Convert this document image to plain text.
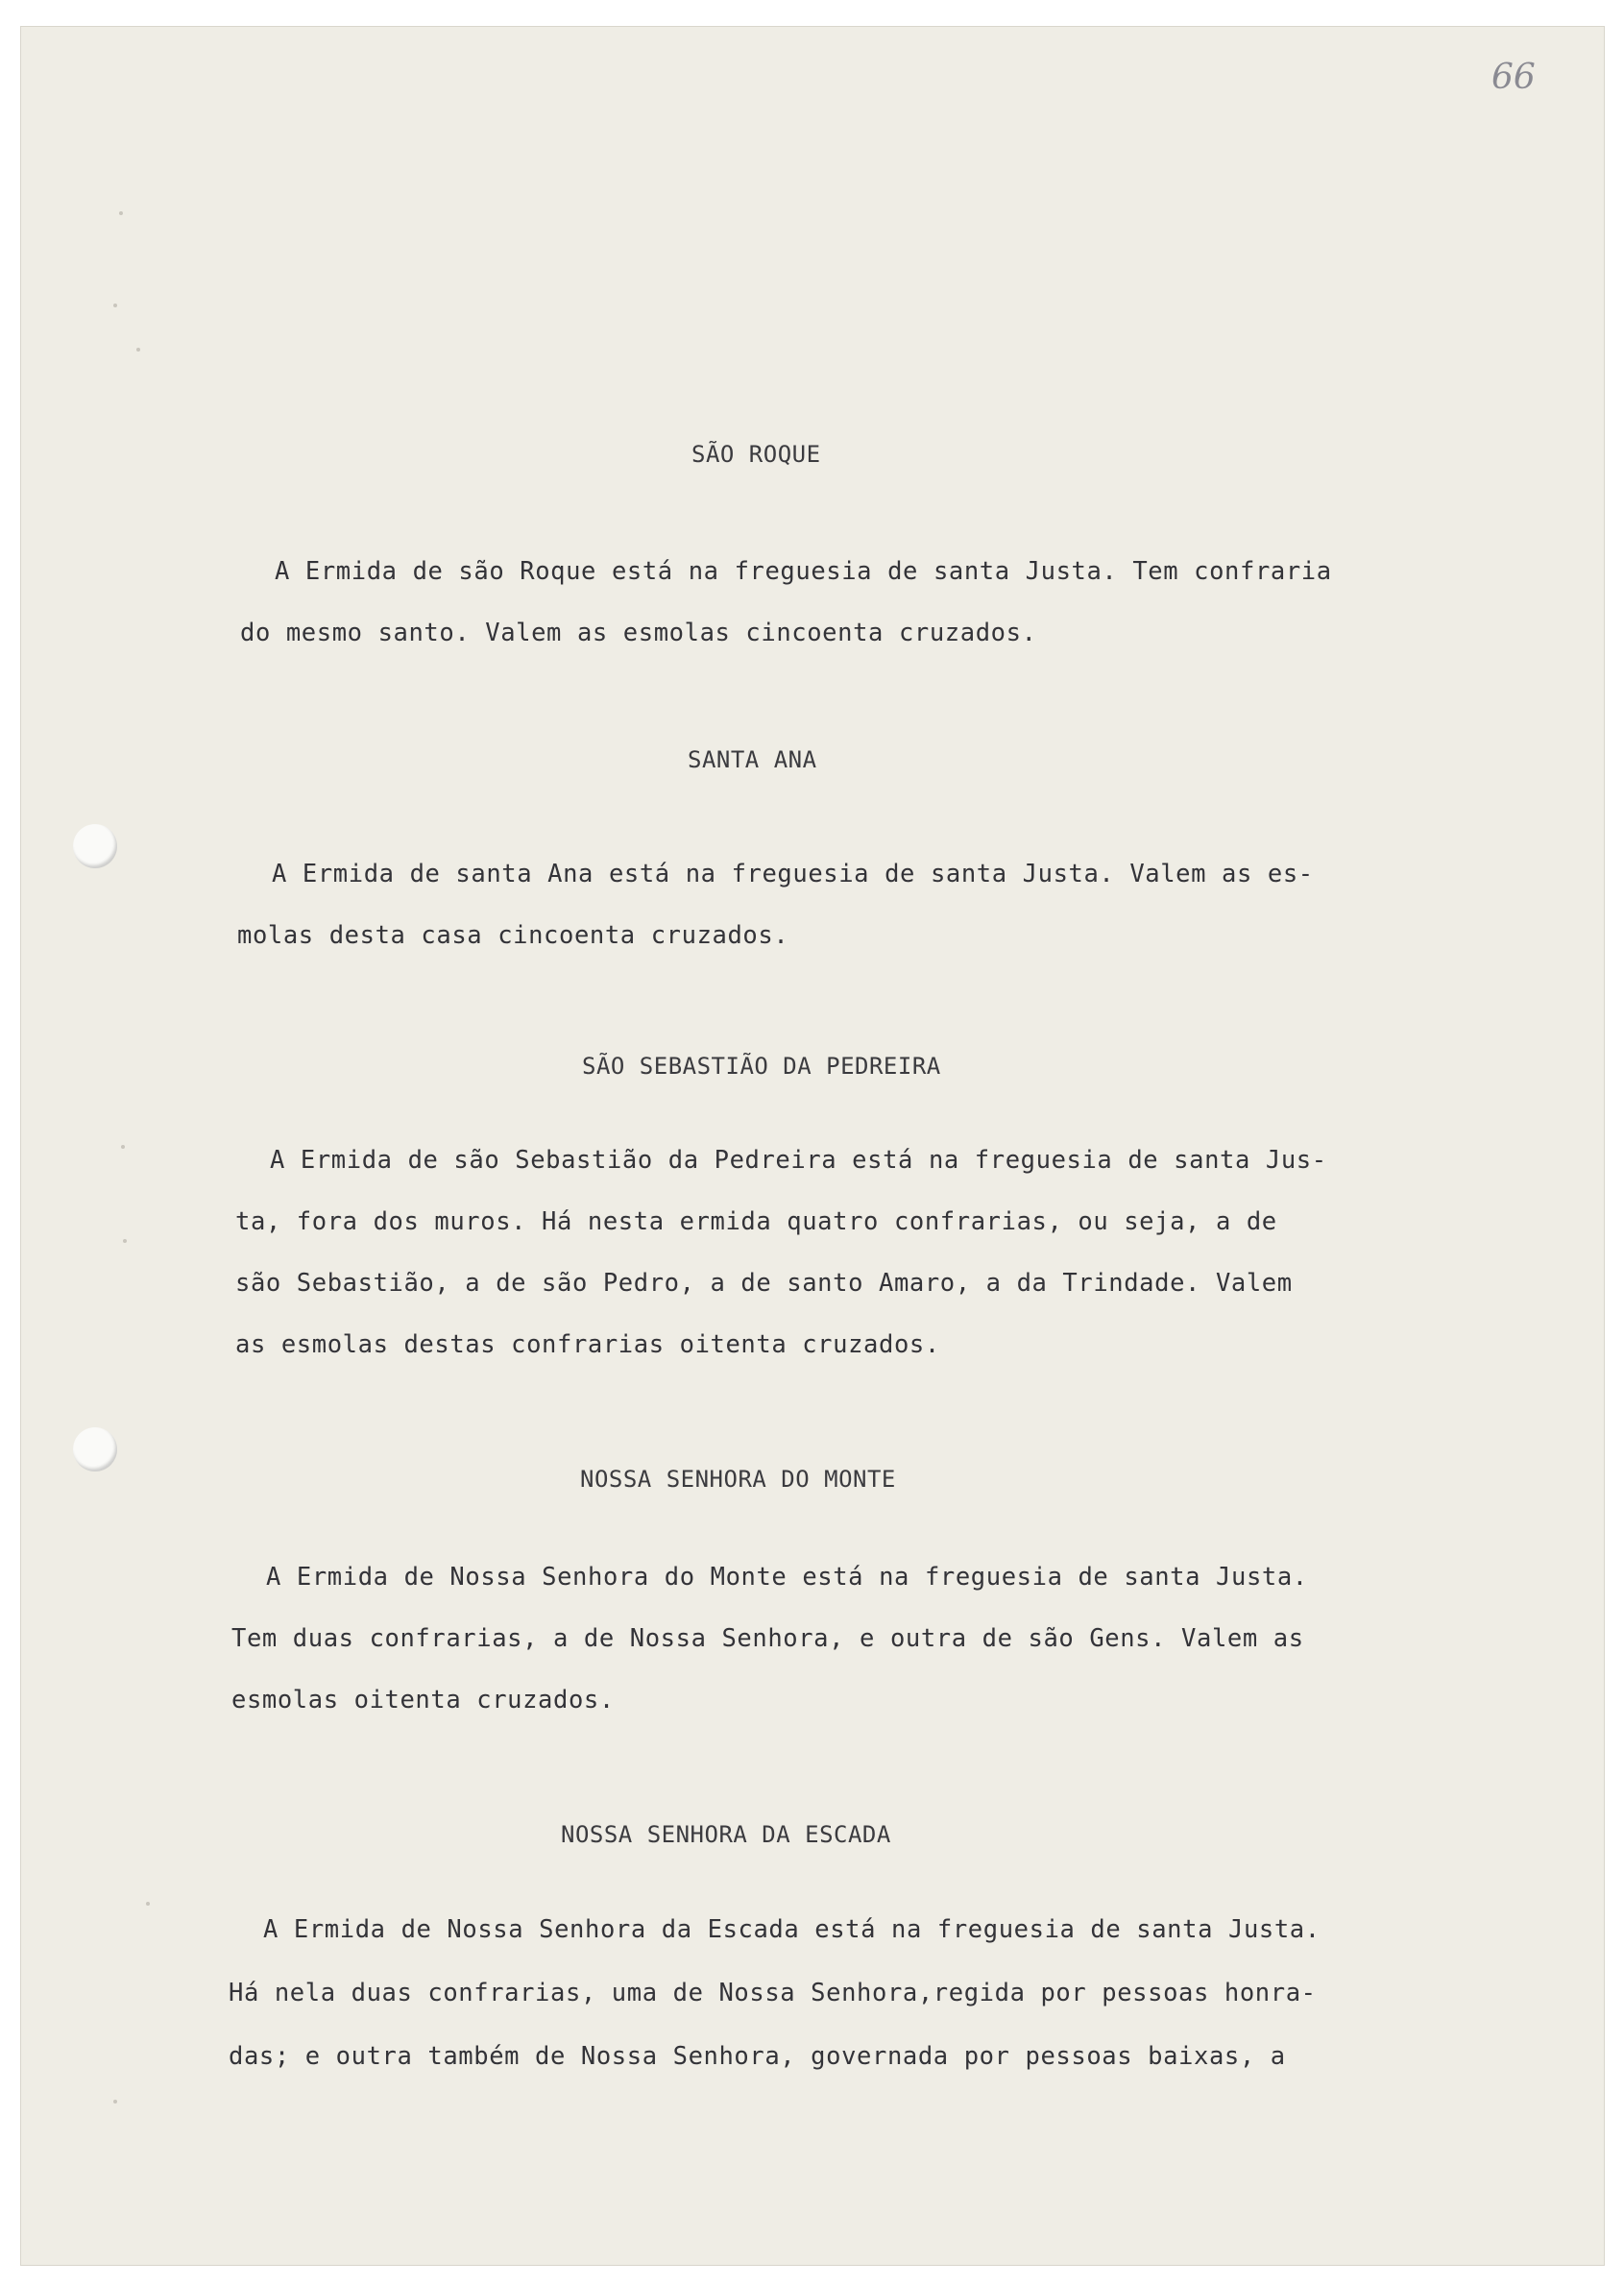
66
SÃO ROQUE
A Ermida de são Roque está na freguesia de santa Justa. Tem confraria
do mesmo santo. Valem as esmolas cincoenta cruzados.
SANTA ANA
A Ermida de santa Ana está na freguesia de santa Justa. Valem as es-
molas desta casa cincoenta cruzados.
SÃO SEBASTIÃO DA PEDREIRA
A Ermida de são Sebastião da Pedreira está na freguesia de santa Jus-
ta, fora dos muros. Há nesta ermida quatro confrarias, ou seja, a de
são Sebastião, a de são Pedro, a de santo Amaro, a da Trindade. Valem
as esmolas destas confrarias oitenta cruzados.
NOSSA SENHORA DO MONTE
A Ermida de Nossa Senhora do Monte está na freguesia de santa Justa.
Tem duas confrarias, a de Nossa Senhora, e outra de são Gens. Valem as
esmolas oitenta cruzados.
NOSSA SENHORA DA ESCADA
A Ermida de Nossa Senhora da Escada está na freguesia de santa Justa.
Há nela duas confrarias, uma de Nossa Senhora,regida por pessoas honra-
das; e outra também de Nossa Senhora, governada por pessoas baixas, a
